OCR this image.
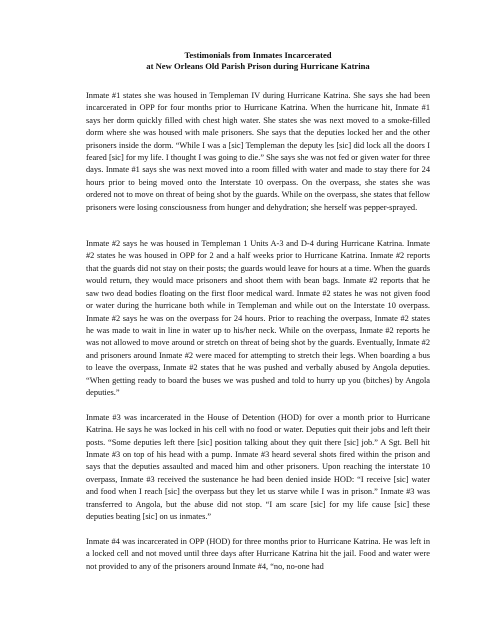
Testimonials from Inmates Incarcerated
at New Orleans Old Parish Prison during Hurricane Katrina

Inmate #1 states she was housed in Templeman IV during Hurricane Katrina. She says she had been incarcerated in OPP for four months prior to Hurricane Katrina. When the hurricane hit, Inmate #1 says her dorm quickly filled with chest high water. She states she was next moved to a smoke-filled dorm where she was housed with male prisoners. She says that the deputies locked her and the other prisoners inside the dorm. “While I was a [sic] Templeman the deputy les [sic] did lock all the doors I feared [sic] for my life. I thought I was going to die.” She says she was not fed or given water for three days. Inmate #1 says she was next moved into a room filled with water and made to stay there for 24 hours prior to being moved onto the Interstate 10 overpass. On the overpass, she states she was ordered not to move on threat of being shot by the guards. While on the overpass, she states that fellow prisoners were losing consciousness from hunger and dehydration; she herself was pepper-sprayed.

Inmate #2 says he was housed in Templeman 1 Units A-3 and D-4 during Hurricane Katrina. Inmate #2 states he was housed in OPP for 2 and a half weeks prior to Hurricane Katrina. Inmate #2 reports that the guards did not stay on their posts; the guards would leave for hours at a time. When the guards would return, they would mace prisoners and shoot them with bean bags. Inmate #2 reports that he saw two dead bodies floating on the first floor medical ward. Inmate #2 states he was not given food or water during the hurricane both while in Templeman and while out on the Interstate 10 overpass. Inmate #2 says he was on the overpass for 24 hours. Prior to reaching the overpass, Inmate #2 states he was made to wait in line in water up to his/her neck. While on the overpass, Inmate #2 reports he was not allowed to move around or stretch on threat of being shot by the guards. Eventually, Inmate #2 and prisoners around Inmate #2 were maced for attempting to stretch their legs. When boarding a bus to leave the overpass, Inmate #2 states that he was pushed and verbally abused by Angola deputies. “When getting ready to board the buses we was pushed and told to hurry up you (bitches) by Angola deputies.”

Inmate #3 was incarcerated in the House of Detention (HOD) for over a month prior to Hurricane Katrina. He says he was locked in his cell with no food or water. Deputies quit their jobs and left their posts. “Some deputies left there [sic] position talking about they quit there [sic] job.” A Sgt. Bell hit Inmate #3 on top of his head with a pump. Inmate #3 heard several shots fired within the prison and says that the deputies assaulted and maced him and other prisoners. Upon reaching the interstate 10 overpass, Inmate #3 received the sustenance he had been denied inside HOD: “I receive [sic] water and food when I reach [sic] the overpass but they let us starve while I was in prison.” Inmate #3 was transferred to Angola, but the abuse did not stop. “I am scare [sic] for my life cause [sic] these deputies beating [sic] on us inmates.”

Inmate #4 was incarcerated in OPP (HOD) for three months prior to Hurricane Katrina. He was left in a locked cell and not moved until three days after Hurricane Katrina hit the jail. Food and water were not provided to any of the prisoners around Inmate #4, “no, no-one had
